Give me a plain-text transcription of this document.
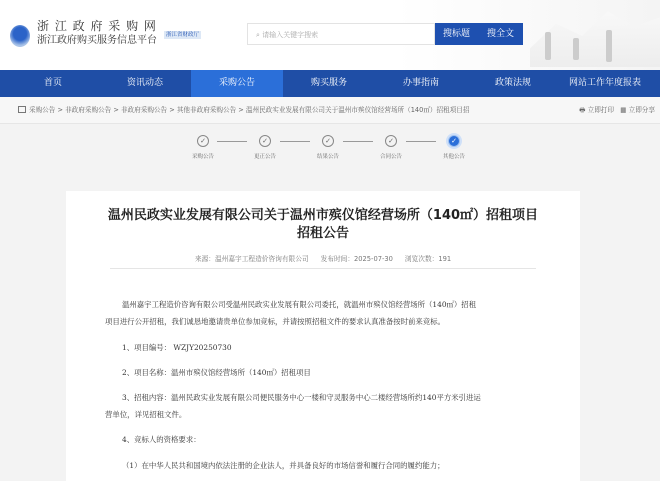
浙 江 政 府 采 购 网
浙江政府购买服务信息平台	浙江省财政厅	⌕ 请输入关键字搜索	搜标题	搜全文
首页	资讯动态	采购公告	购买服务	办事指南	政策法规	网站工作年度报表
采购公告 > 非政府采购公告 > 非政府采购公告 > 其他非政府采购公告 > 温州民政实业发展有限公司关于温州市殡仪馆经营场所（140㎡）招租项目招	🖶 立即打印 ▦ 立即分享
✓
采购公告
✓
更正公告
✓
结果公告
✓
合同公告
✓
其他公告
温州民政实业发展有限公司关于温州市殡仪馆经营场所（140㎡）招租项目
招租公告
来源：温州嘉宇工程造价咨询有限公司 发布时间：2025-07-30 浏览次数：191
温州嘉宇工程造价咨询有限公司受温州民政实业发展有限公司委托，就温州市殡仪馆经营场所（140㎡）招租
项目进行公开招租，我们诚恳地邀请贵单位参加竞标，并请按照招租文件的要求认真准备按时前来竞标。
1、项目编号： WZJY20250730
2、项目名称：温州市殡仪馆经营场所（140㎡）招租项目
3、招租内容：温州民政实业发展有限公司便民服务中心一楼和守灵服务中心二楼经营场所约140平方米引进运
营单位，详见招租文件。
4、竞标人的资格要求：
（1）在中华人民共和国境内依法注册的企业法人，并具备良好的市场信誉和履行合同的履约能力；
